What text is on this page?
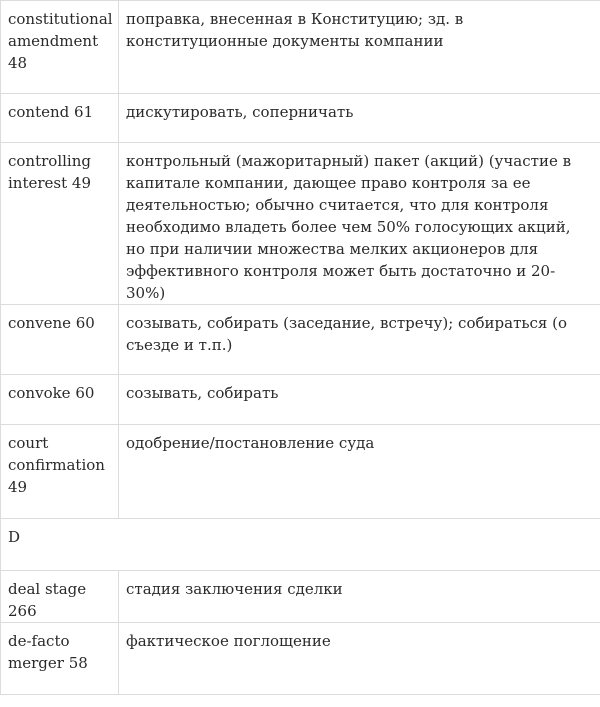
constitutional amendment 48	поправка, внесенная в Конституцию; зд. в конституционные документы компании
contend 61	дискутировать, соперничать
controlling interest 49	контрольный (мажоритарный) пакет (акций) (участие в капитале компании, дающее право контроля за ее деятельностью; обычно считается, что для контроля необходимо владеть более чем 50% голосующих акций, но при наличии множества мелких акционеров для эффективного контроля может быть достаточно и 20-30%)
convene 60	созывать, собирать (заседание, встречу); собираться (о съезде и т.п.)
convoke 60	созывать, собирать
court confirmation 49	одобрение/постановление суда
D	
deal stage 266	стадия заключения сделки
de-facto merger 58	фактическое поглощение
